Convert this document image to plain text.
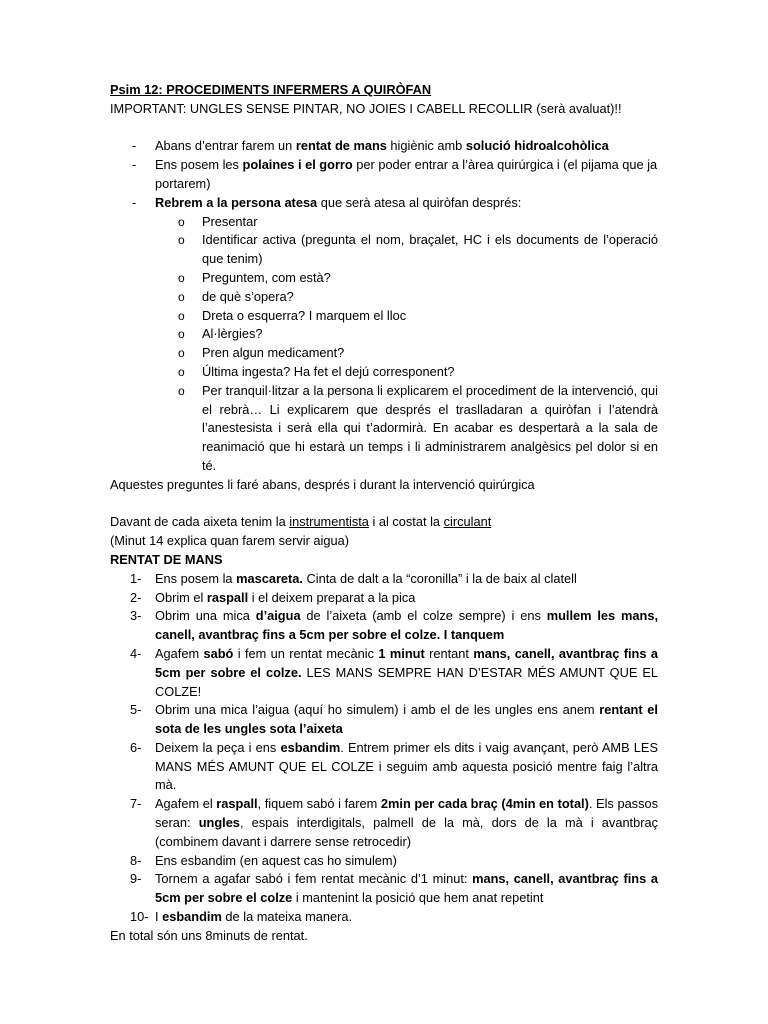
Psim 12: PROCEDIMENTS INFERMERS A QUIRÒFAN
IMPORTANT: UNGLES SENSE PINTAR, NO JOIES I CABELL RECOLLIR (serà avaluat)!!
- Abans d’entrar farem un rentat de mans higiènic amb solució hidroalcohòlica
- Ens posem les polaines i el gorro per poder entrar a l’àrea quirúrgica i (el pijama que ja portarem)
- Rebrem a la persona atesa que serà atesa al quiròfan després:
o Presentar
o Identificar activa (pregunta el nom, braçalet, HC i els documents de l’operació que tenim)
o Preguntem, com està?
o de què s’opera?
o Dreta o esquerra? I marquem el lloc
o Al·lèrgies?
o Pren algun medicament?
o Última ingesta? Ha fet el dejú corresponent?
o Per tranquil·litzar a la persona li explicarem el procediment de la intervenció, qui el rebrà… Li explicarem que després el traslladaran a quiròfan i l’atendrà l’anestesista i serà ella qui t’adormirà. En acabar es despertarà a la sala de reanimació que hi estarà un temps i li administrarem analgèsics pel dolor si en té.
Aquestes preguntes li faré abans, després i durant la intervenció quirúrgica
Davant de cada aixeta tenim la instrumentista i al costat la circulant
(Minut 14 explica quan farem servir aigua)
RENTAT DE MANS
1- Ens posem la mascareta. Cinta de dalt a la “coronilla” i la de baix al clatell
2- Obrim el raspall i el deixem preparat a la pica
3- Obrim una mica d’aigua de l’aixeta (amb el colze sempre) i ens mullem les mans, canell, avantbraç fins a 5cm per sobre el colze. I tanquem
4- Agafem sabó i fem un rentat mecànic 1 minut rentant mans, canell, avantbraç fins a 5cm per sobre el colze. LES MANS SEMPRE HAN D’ESTAR MÉS AMUNT QUE EL COLZE!
5- Obrim una mica l’aigua (aquí ho simulem) i amb el de les ungles ens anem rentant el sota de les ungles sota l’aixeta
6- Deixem la peça i ens esbandim. Entrem primer els dits i vaig avançant, però AMB LES MANS MÉS AMUNT QUE EL COLZE i seguim amb aquesta posició mentre faig l’altra mà.
7- Agafem el raspall, fiquem sabó i farem 2min per cada braç (4min en total). Els passos seran: ungles, espais interdigitals, palmell de la mà, dors de la mà i avantbraç (combinem davant i darrere sense retrocedir)
8- Ens esbandim (en aquest cas ho simulem)
9- Tornem a agafar sabó i fem rentat mecànic d’1 minut: mans, canell, avantbraç fins a 5cm per sobre el colze i mantenint la posició que hem anat repetint
10- I esbandim de la mateixa manera.
En total són uns 8minuts de rentat.
